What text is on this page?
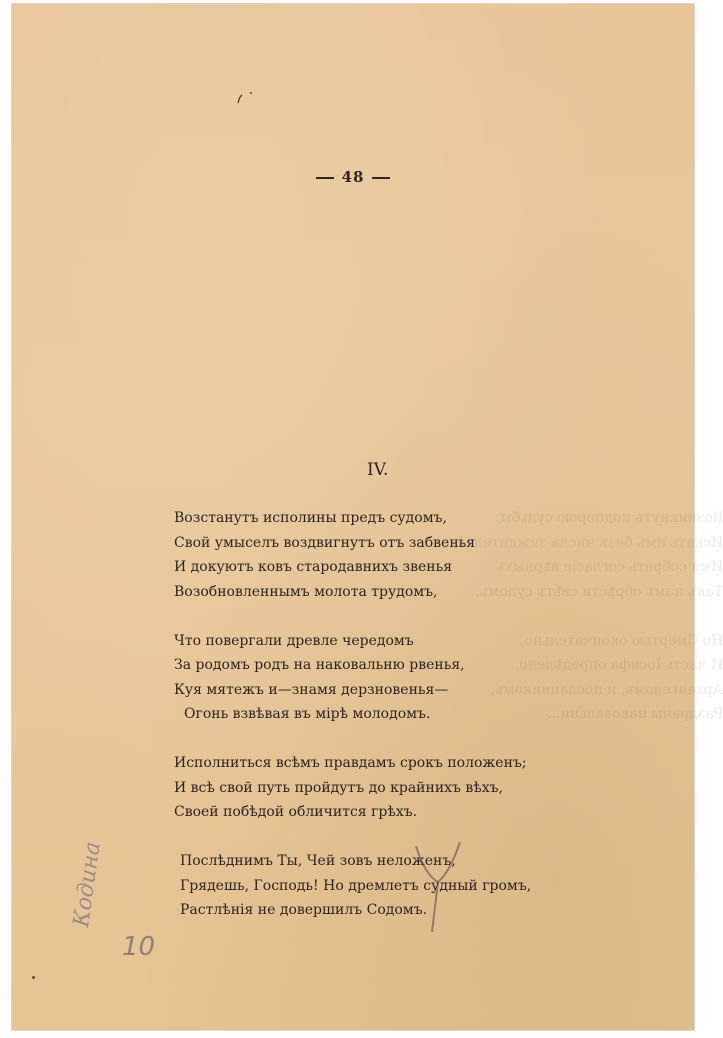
Возникнутъ подпорою судьбы,
Искать имъ безъ числа зиждителей,
Имя собрать согласіе вѣрныхъ
Такъ намъ обрѣсти свѣтъ судомъ.

Но Смертью окончательно,
И часть Іосифа опредѣлено,
Архангеломъ, и посланникомъ,
Раздраны наковальни...
48
IV.
Возстанутъ исполины предъ судомъ,
Свой умыселъ воздвигнутъ отъ забвенья
И докуютъ ковъ стародавнихъ звенья
Возобновленнымъ молота трудомъ,
Что повергали древле чередомъ
За родомъ родъ на наковальню рвенья,
Куя мятежъ и—знамя дерзновенья—
Огонь взвѣвая въ мірѣ молодомъ.
Исполниться всѣмъ правдамъ срокъ положенъ;
И всѣ свой путь пройдутъ до крайнихъ вѣхъ,
Своей побѣдой обличится грѣхъ.
Послѣднимъ Ты, Чей зовъ неложенъ,
Грядешь, Господь! Но дремлетъ судный громъ,
Растлѣнія не довершилъ Содомъ.
Кодина
10
